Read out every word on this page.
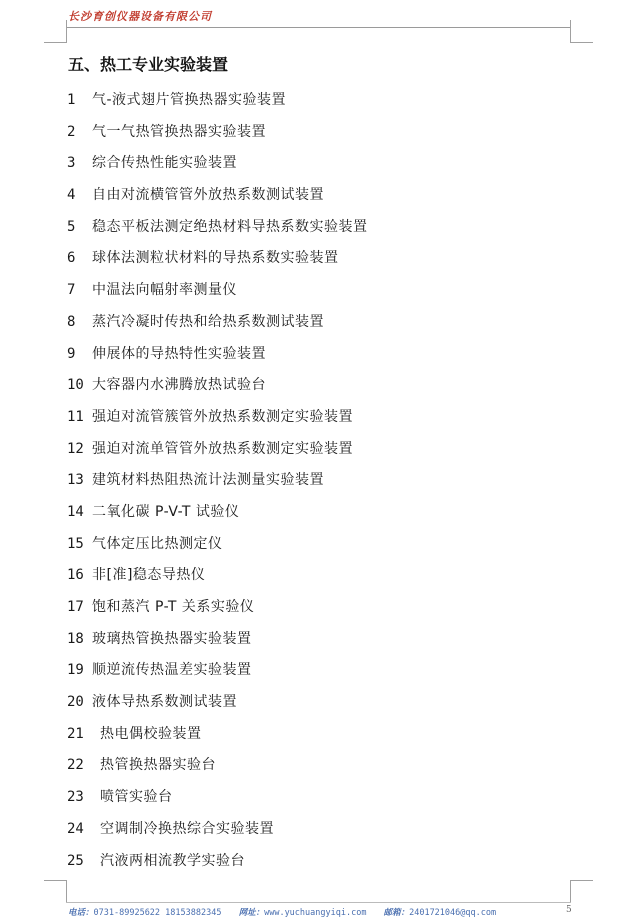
长沙育创仪器设备有限公司
五、热工专业实验装置
1	气-液式翅片管换热器实验装置
2	气一气热管换热器实验装置
3	综合传热性能实验装置
4	自由对流横管管外放热系数测试装置
5	稳态平板法测定绝热材料导热系数实验装置
6	球体法测粒状材料的导热系数实验装置
7	中温法向幅射率测量仪
8	蒸汽冷凝时传热和给热系数测试装置
9	伸展体的导热特性实验装置
10 大容器内水沸腾放热试验台
11 强迫对流管簇管外放热系数测定实验装置
12 强迫对流单管管外放热系数测定实验装置
13 建筑材料热阻热流计法测量实验装置
14 二氧化碳 P-V-T 试验仪
15 气体定压比热测定仪
16 非[准]稳态导热仪
17 饱和蒸汽 P-T 关系实验仪
18 玻璃热管换热器实验装置
19 顺逆流传热温差实验装置
20 液体导热系数测试装置
21	热电偶校验装置
22	热管换热器实验台
23	喷管实验台
24	空调制冷换热综合实验装置
25	汽液两相流教学实验台
电话：0731-89925622 18153882345 网址：www.yuchuangyiqi.com 邮箱：2401721046@qq.com	5
